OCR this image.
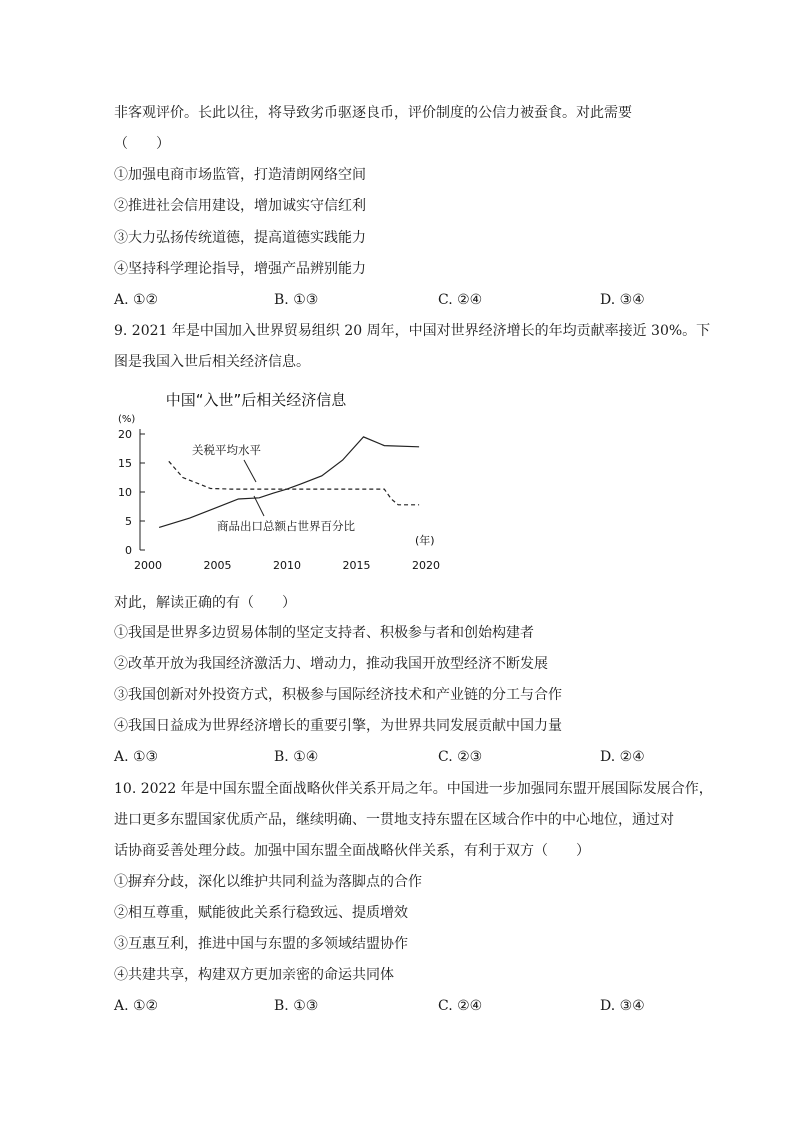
非客观评价。长此以往，将导致劣币驱逐良币，评价制度的公信力被蚕食。对此需要
（　　）
①加强电商市场监管，打造清朗网络空间
②推进社会信用建设，增加诚实守信红利
③大力弘扬传统道德，提高道德实践能力
④坚持科学理论指导，增强产品辨别能力
A. ①②	B. ①③	C. ②④	D. ③④
9. 2021 年是中国加入世界贸易组织 20 周年，中国对世界经济增长的年均贡献率接近 30%。下
图是我国入世后相关经济信息。
中国“入世”后相关经济信息
(%)
(年)
2000	2005	2010	2015	2020
0
5
10
15
20
关税平均水平
商品出口总额占世界百分比
对此，解读正确的有（　　）
①我国是世界多边贸易体制的坚定支持者、积极参与者和创始构建者
②改革开放为我国经济激活力、增动力，推动我国开放型经济不断发展
③我国创新对外投资方式，积极参与国际经济技术和产业链的分工与合作
④我国日益成为世界经济增长的重要引擎，为世界共同发展贡献中国力量
A. ①③	B. ①④	C. ②③	D. ②④
10. 2022 年是中国东盟全面战略伙伴关系开局之年。中国进一步加强同东盟开展国际发展合作，
进口更多东盟国家优质产品，继续明确、一贯地支持东盟在区域合作中的中心地位，通过对
话协商妥善处理分歧。加强中国东盟全面战略伙伴关系，有利于双方（　　）
①摒弃分歧，深化以维护共同利益为落脚点的合作
②相互尊重，赋能彼此关系行稳致远、提质增效
③互惠互利，推进中国与东盟的多领域结盟协作
④共建共享，构建双方更加亲密的命运共同体
A. ①②	B. ①③	C. ②④	D. ③④
